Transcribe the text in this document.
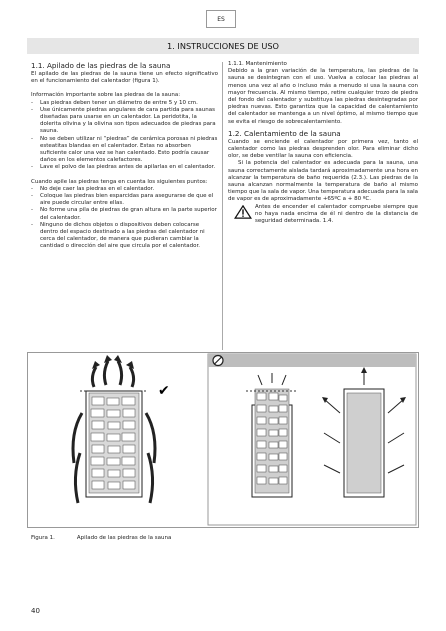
ES
1. INSTRUCCIONES DE USO
1.1. Apilado de las piedras de la sauna

El apilado de las piedras de la sauna tiene un efecto significativo en el funcionamiento del calentador (figura 1).

Información importante sobre las piedras de la sauna:

- Las piedras deben tener un diámetro de entre 5 y 10 cm.
- Use únicamente piedras angulares de cara partida para saunas diseñadas para usarse en un calentador. La peridotita, la dolerita olivina y la olivina son tipos adecuados de piedras para sauna.
- No se deben utilizar ni “piedras” de cerámica porosas ni piedras esteatitas blandas en el calentador. Estas no absorben suficiente calor una vez se han calentado. Esto podría causar daños en los elementos calefactores.
- Lave el polvo de las piedras antes de apilarlas en el calentador.

Cuando apile las piedras tenga en cuenta los siguientes puntos:

- No deje caer las piedras en el calentador.
- Coloque las piedras bien esparcidas para asegurarse de que el aire puede circular entre ellas.
- No forme una pila de piedras de gran altura en la parte superior del calentador.
- Ninguno de dichos objetos o dispositivos deben colocarse dentro del espacio destinado a las piedras del calentador ni cerca del calentador, de manera que pudieran cambiar la cantidad o dirección del aire que circula por el calentador.

1.1.1. Mantenimiento

Debido a la gran variación de la temperatura, las piedras de la sauna se desintegran con el uso. Vuelva a colocar las piedras al menos una vez al año o incluso más a menudo si usa la sauna con mayor frecuencia. Al mismo tiempo, retire cualquier trozo de piedra del fondo del calentador y substituya las piedras desintegradas por piedras nuevas. Esto garantiza que la capacidad de calentamiento del calentador se mantenga a un nivel óptimo, al mismo tiempo que se evita el riesgo de sobrecalentamiento.

1.2. Calentamiento de la sauna

Cuando se enciende el calentador por primera vez, tanto el calentador como las piedras desprenden olor. Para eliminar dicho olor, se debe ventilar la sauna con eficiencia.

Si la potencia del calentador es adecuada para la sauna, una sauna correctamente aislada tardará aproximadamente una hora en alcanzar la temperatura de baño requerida (2.3.). Las piedras de la sauna alcanzan normalmente la temperatura de baño al mismo tiempo que la sala de vapor. Una temperatura adecuada para la sala de vapor es de aproximadamente +65ºC a + 80 ºC.

Antes de encender el calentador compruebe siempre que no haya nada encima de él ni dentro de la distancia de seguridad determinada. 1.4.

✔
Figura 1.	Apilado de las piedras de la sauna
40
